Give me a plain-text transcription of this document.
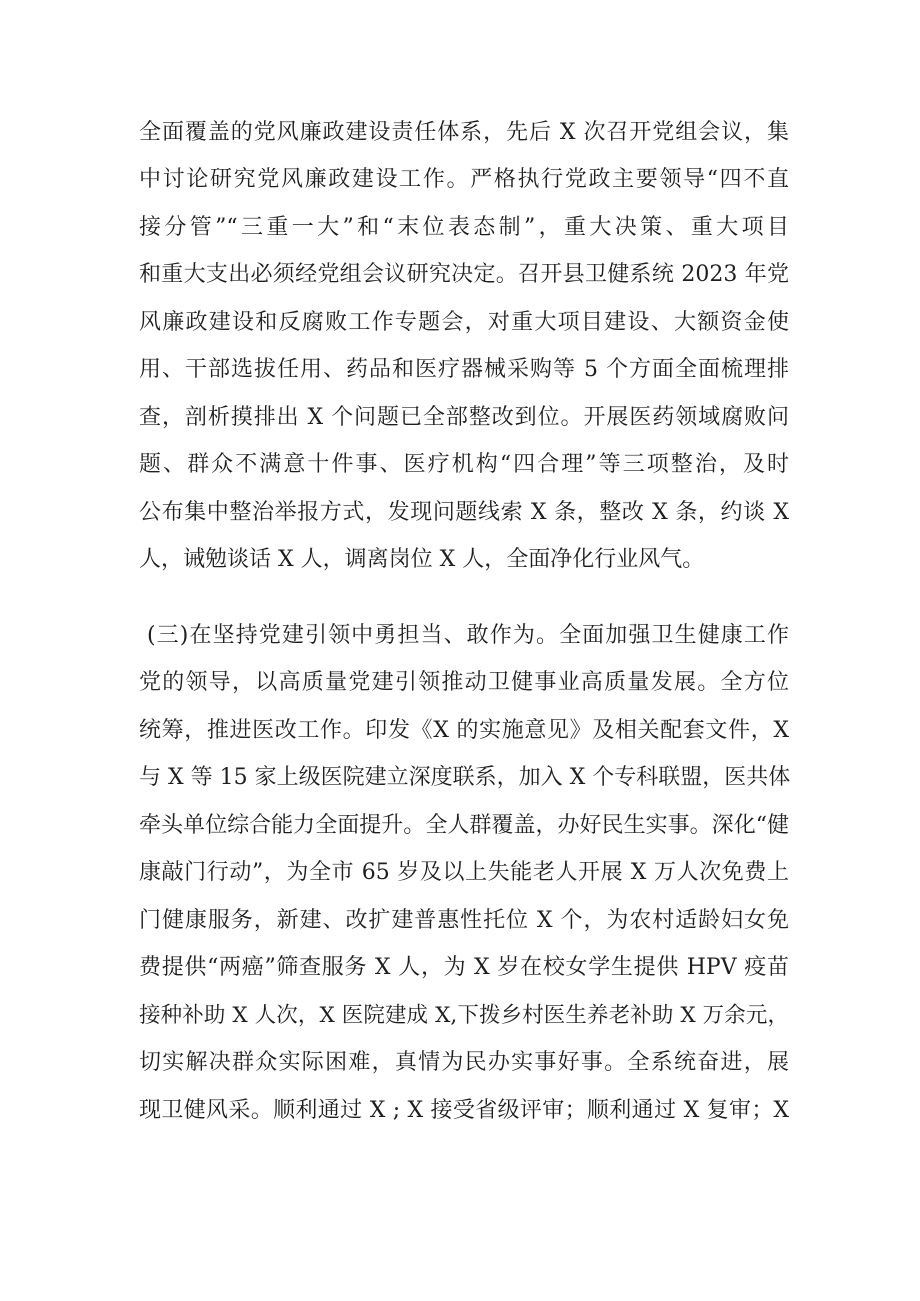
全面覆盖的党风廉政建设责任体系，先后 X 次召开党组会议，集
中讨论研究党风廉政建设工作。严格执行党政主要领导“四不直
接分管”“三重一大”和“末位表态制”，重大决策、重大项目
和重大支出必须经党组会议研究决定。召开县卫健系统 2023 年党
风廉政建设和反腐败工作专题会，对重大项目建设、大额资金使
用、干部选拔任用、药品和医疗器械采购等 5 个方面全面梳理排
查，剖析摸排出 X 个问题已全部整改到位。开展医药领域腐败问
题、群众不满意十件事、医疗机构“四合理”等三项整治，及时
公布集中整治举报方式，发现问题线索 X 条，整改 X 条，约谈 X
人，诫勉谈话 X 人，调离岗位 X 人，全面净化行业风气。
(三)在坚持党建引领中勇担当、敢作为。全面加强卫生健康工作
党的领导，以高质量党建引领推动卫健事业高质量发展。全方位
统筹，推进医改工作。印发《X 的实施意见》及相关配套文件，X
与 X 等 15 家上级医院建立深度联系，加入 X 个专科联盟，医共体
牵头单位综合能力全面提升。全人群覆盖，办好民生实事。深化“健
康敲门行动”，为全市 65 岁及以上失能老人开展 X 万人次免费上
门健康服务，新建、改扩建普惠性托位 X 个，为农村适龄妇女免
费提供“两癌”筛查服务 X 人，为 X 岁在校女学生提供 HPV 疫苗
接种补助 X 人次，X 医院建成 X,下拨乡村医生养老补助 X 万余元，
切实解决群众实际困难，真情为民办实事好事。全系统奋进，展
现卫健风采。顺利通过 X ; X 接受省级评审；顺利通过 X 复审；X
